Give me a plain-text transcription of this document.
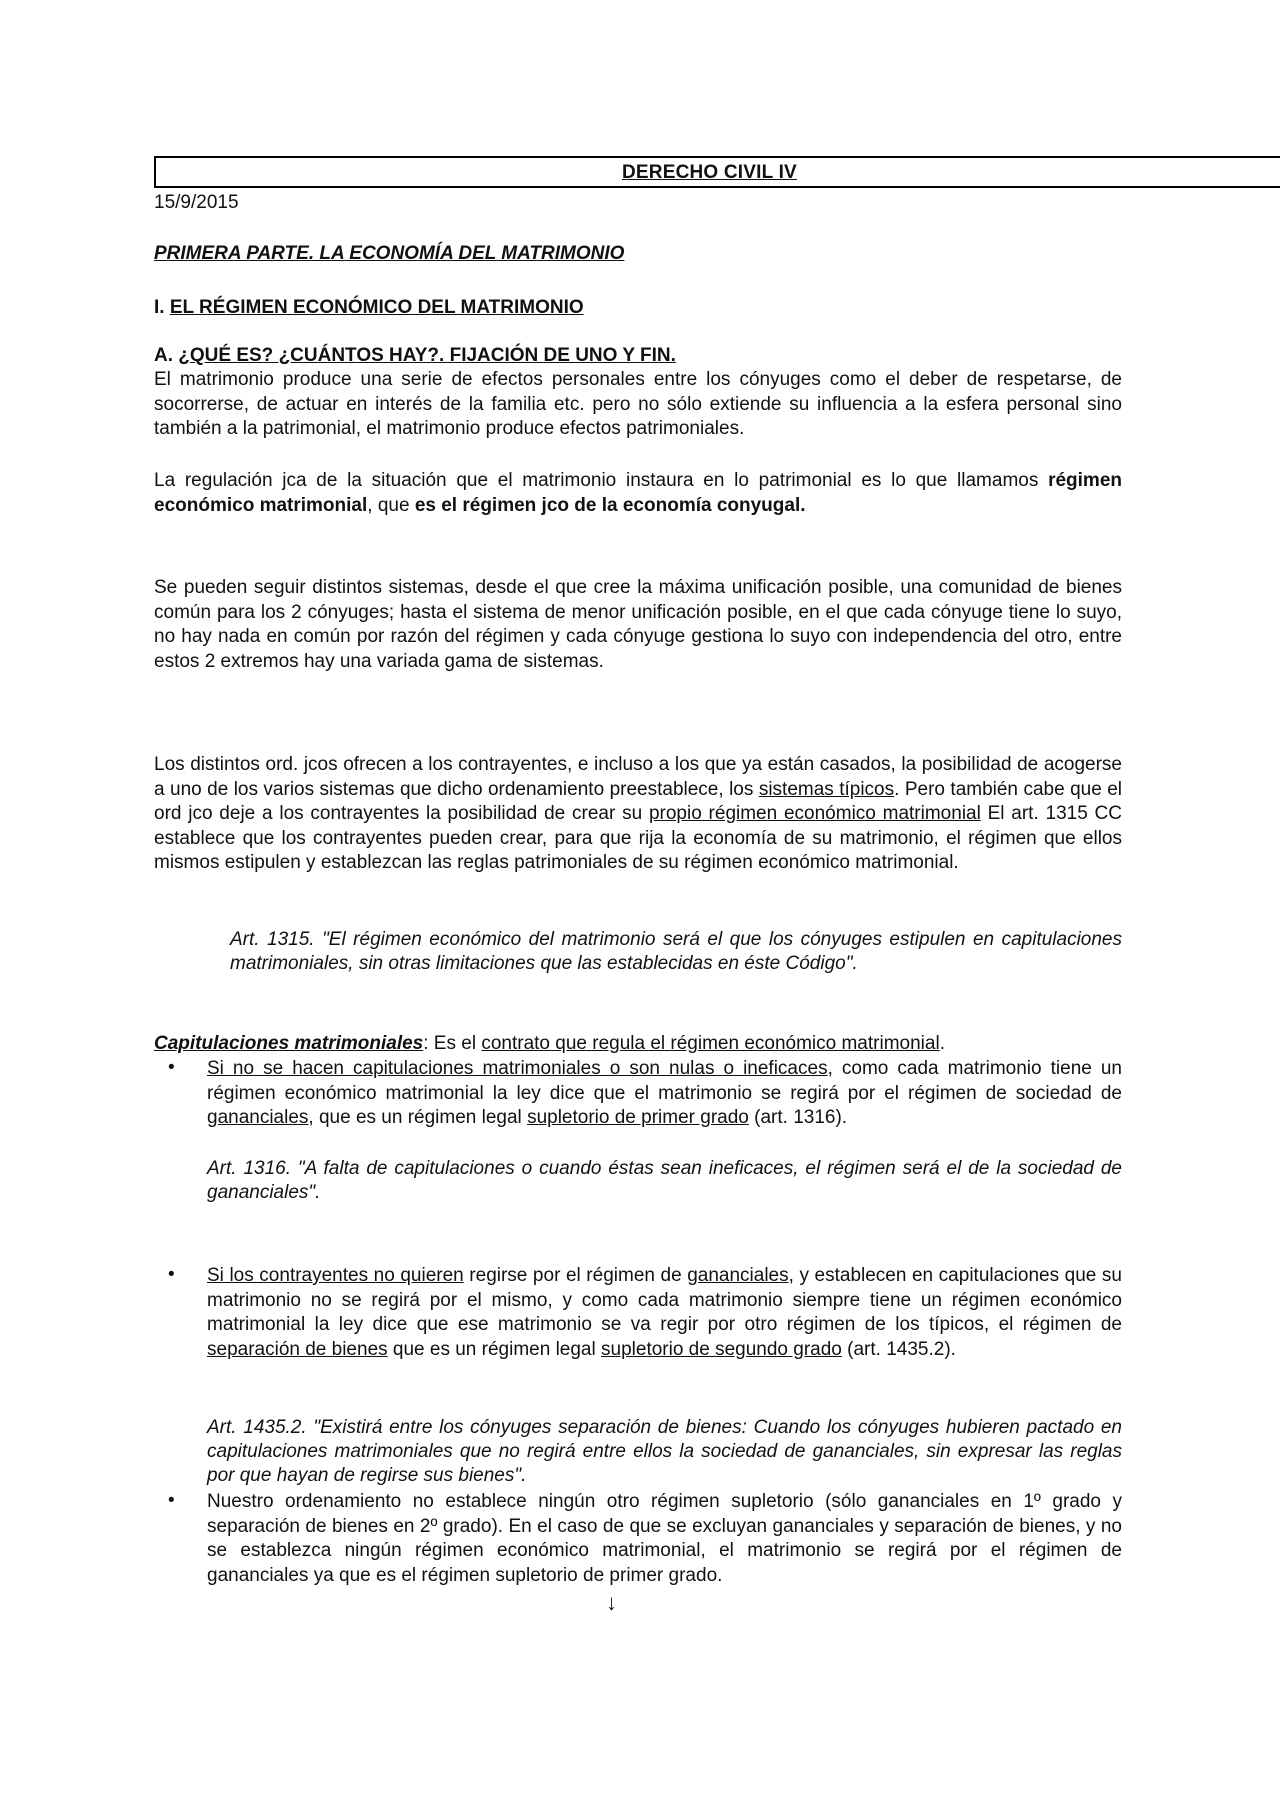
DERECHO CIVIL IV
15/9/2015
PRIMERA PARTE. LA ECONOMÍA DEL MATRIMONIO
I. EL RÉGIMEN ECONÓMICO DEL MATRIMONIO
A. ¿QUÉ ES? ¿CUÁNTOS HAY?. FIJACIÓN DE UNO Y FIN.
El matrimonio produce una serie de efectos personales entre los cónyuges como el deber de respetarse, de socorrerse, de actuar en interés de la familia etc. pero no sólo extiende su influencia a la esfera personal sino también a la patrimonial, el matrimonio produce efectos patrimoniales.
La regulación jca de la situación que el matrimonio instaura en lo patrimonial es lo que llamamos régimen económico matrimonial, que es el régimen jco de la economía conyugal.
Se pueden seguir distintos sistemas, desde el que cree la máxima unificación posible, una comunidad de bienes común para los 2 cónyuges; hasta el sistema de menor unificación posible, en el que cada cónyuge tiene lo suyo, no hay nada en común por razón del régimen y cada cónyuge gestiona lo suyo con independencia del otro, entre estos 2 extremos hay una variada gama de sistemas.
Los distintos ord. jcos ofrecen a los contrayentes, e incluso a los que ya están casados, la posibilidad de acogerse a uno de los varios sistemas que dicho ordenamiento preestablece, los sistemas típicos. Pero también cabe que el ord jco deje a los contrayentes la posibilidad de crear su propio régimen económico matrimonial El art. 1315 CC establece que los contrayentes pueden crear, para que rija la economía de su matrimonio, el régimen que ellos mismos estipulen y establezcan las reglas patrimoniales de su régimen económico matrimonial.
Art. 1315. "El régimen económico del matrimonio será el que los cónyuges estipulen en capitulaciones matrimoniales, sin otras limitaciones que las establecidas en éste Código".
Capitulaciones matrimoniales: Es el contrato que regula el régimen económico matrimonial.
• Si no se hacen capitulaciones matrimoniales o son nulas o ineficaces, como cada matrimonio tiene un régimen económico matrimonial la ley dice que el matrimonio se regirá por el régimen de sociedad de gananciales, que es un régimen legal supletorio de primer grado (art. 1316).
Art. 1316. "A falta de capitulaciones o cuando éstas sean ineficaces, el régimen será el de la sociedad de gananciales".
• Si los contrayentes no quieren regirse por el régimen de gananciales, y establecen en capitulaciones que su matrimonio no se regirá por el mismo, y como cada matrimonio siempre tiene un régimen económico matrimonial la ley dice que ese matrimonio se va regir por otro régimen de los típicos, el régimen de separación de bienes que es un régimen legal supletorio de segundo grado (art. 1435.2).
Art. 1435.2. "Existirá entre los cónyuges separación de bienes: Cuando los cónyuges hubieren pactado en capitulaciones matrimoniales que no regirá entre ellos la sociedad de gananciales, sin expresar las reglas por que hayan de regirse sus bienes".
• Nuestro ordenamiento no establece ningún otro régimen supletorio (sólo gananciales en 1º grado y separación de bienes en 2º grado). En el caso de que se excluyan gananciales y separación de bienes, y no se establezca ningún régimen económico matrimonial, el matrimonio se regirá por el régimen de gananciales ya que es el régimen supletorio de primer grado.
↓
